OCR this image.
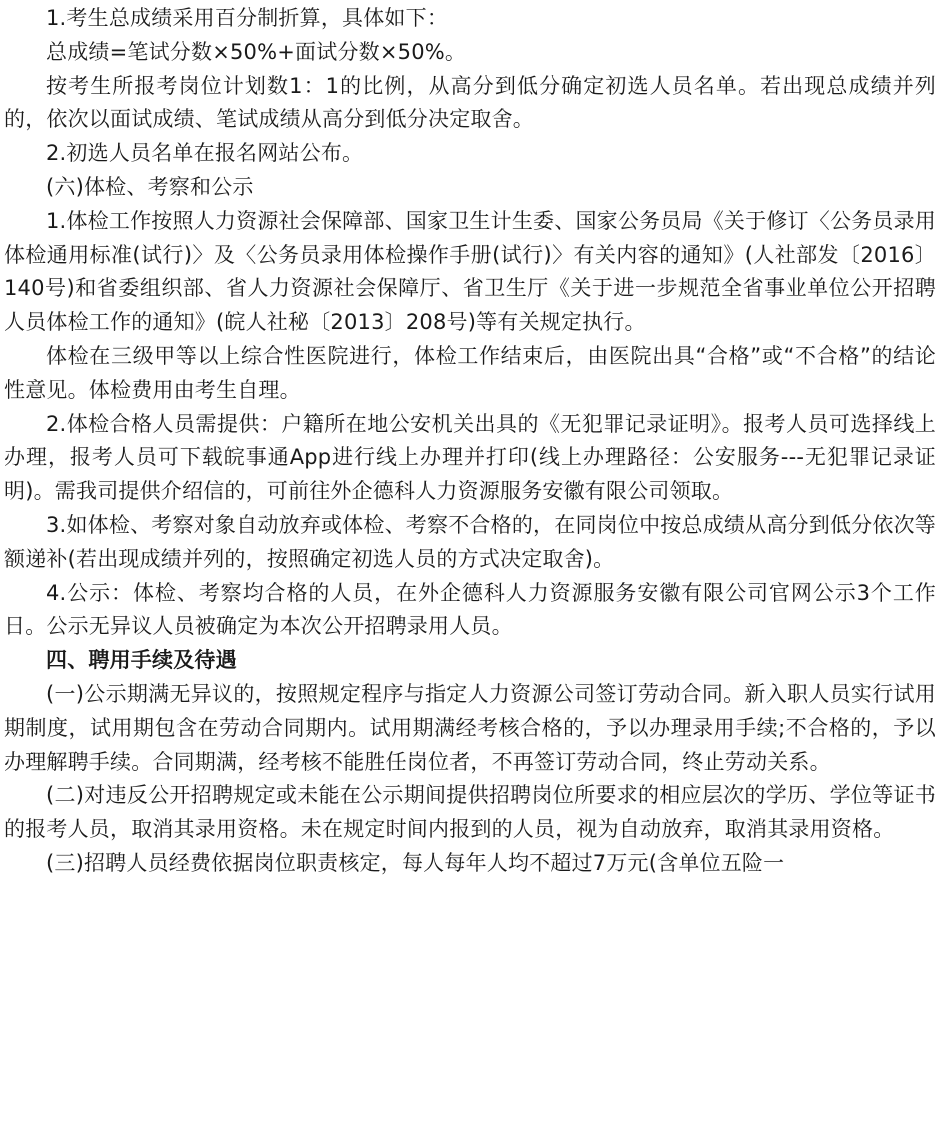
1.考生总成绩采用百分制折算，具体如下：

总成绩=笔试分数×50%+面试分数×50%。

按考生所报考岗位计划数1：1的比例，从高分到低分确定初选人员名单。若出现总成绩并列的，依次以面试成绩、笔试成绩从高分到低分决定取舍。

2.初选人员名单在报名网站公布。

(六)体检、考察和公示

1.体检工作按照人力资源社会保障部、国家卫生计生委、国家公务员局《关于修订〈公务员录用体检通用标准(试行)〉及〈公务员录用体检操作手册(试行)〉有关内容的通知》(人社部发〔2016〕140号)和省委组织部、省人力资源社会保障厅、省卫生厅《关于进一步规范全省事业单位公开招聘人员体检工作的通知》(皖人社秘〔2013〕208号)等有关规定执行。

体检在三级甲等以上综合性医院进行，体检工作结束后，由医院出具“合格”或“不合格”的结论性意见。体检费用由考生自理。

2.体检合格人员需提供：户籍所在地公安机关出具的《无犯罪记录证明》。报考人员可选择线上办理，报考人员可下载皖事通App进行线上办理并打印(线上办理路径：公安服务---无犯罪记录证明)。需我司提供介绍信的，可前往外企德科人力资源服务安徽有限公司领取。

3.如体检、考察对象自动放弃或体检、考察不合格的，在同岗位中按总成绩从高分到低分依次等额递补(若出现成绩并列的，按照确定初选人员的方式决定取舍)。

4.公示：体检、考察均合格的人员，在外企德科人力资源服务安徽有限公司官网公示3个工作日。公示无异议人员被确定为本次公开招聘录用人员。

四、聘用手续及待遇

(一)公示期满无异议的，按照规定程序与指定人力资源公司签订劳动合同。新入职人员实行试用期制度，试用期包含在劳动合同期内。试用期满经考核合格的，予以办理录用手续;不合格的，予以办理解聘手续。合同期满，经考核不能胜任岗位者，不再签订劳动合同，终止劳动关系。

(二)对违反公开招聘规定或未能在公示期间提供招聘岗位所要求的相应层次的学历、学位等证书的报考人员，取消其录用资格。未在规定时间内报到的人员，视为自动放弃，取消其录用资格。

(三)招聘人员经费依据岗位职责核定，每人每年人均不超过7万元(含单位五险一
